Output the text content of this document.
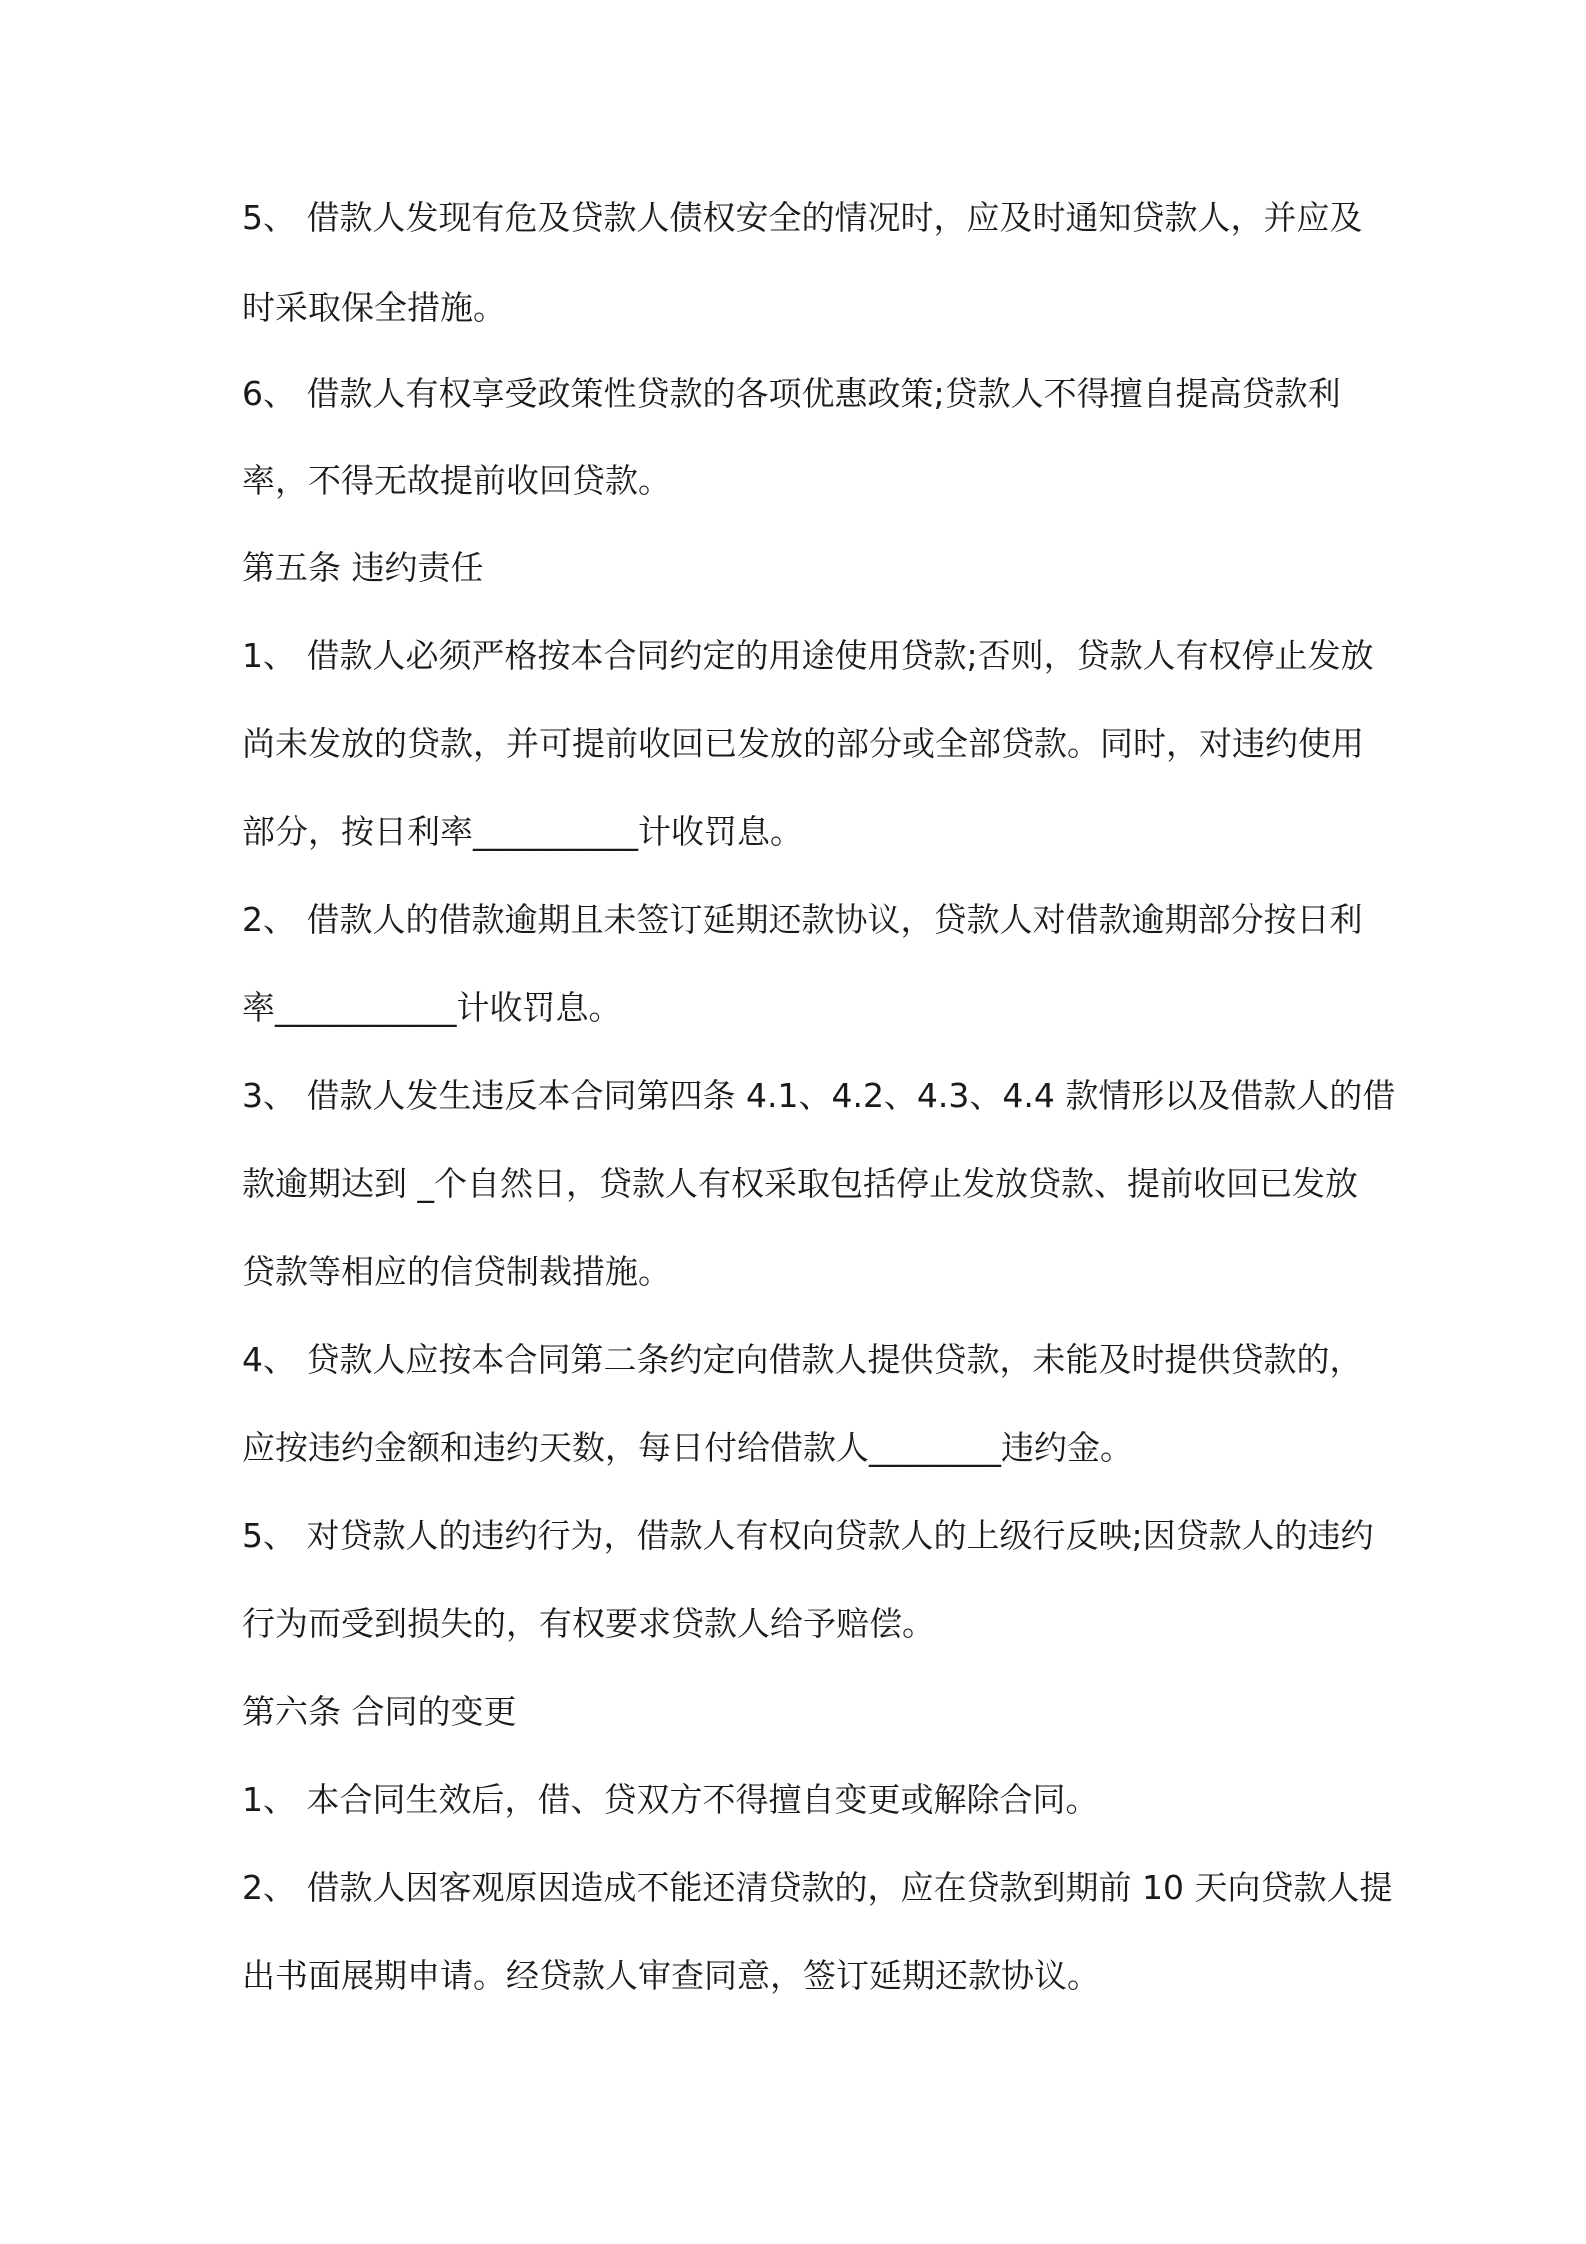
5、 借款人发现有危及贷款人债权安全的情况时，应及时通知贷款人，并应及

时采取保全措施。

6、 借款人有权享受政策性贷款的各项优惠政策;贷款人不得擅自提高贷款利

率，不得无故提前收回贷款。

第五条 违约责任

1、 借款人必须严格按本合同约定的用途使用贷款;否则，贷款人有权停止发放

尚未发放的贷款，并可提前收回已发放的部分或全部贷款。同时，对违约使用

部分，按日利率__________计收罚息。

2、 借款人的借款逾期且未签订延期还款协议，贷款人对借款逾期部分按日利

率___________计收罚息。

3、 借款人发生违反本合同第四条 4.1、4.2、4.3、4.4 款情形以及借款人的借

款逾期达到 _个自然日，贷款人有权采取包括停止发放贷款、提前收回已发放

贷款等相应的信贷制裁措施。

4、 贷款人应按本合同第二条约定向借款人提供贷款，未能及时提供贷款的，

应按违约金额和违约天数，每日付给借款人________违约金。

5、 对贷款人的违约行为，借款人有权向贷款人的上级行反映;因贷款人的违约

行为而受到损失的，有权要求贷款人给予赔偿。

第六条 合同的变更

1、 本合同生效后，借、贷双方不得擅自变更或解除合同。

2、 借款人因客观原因造成不能还清贷款的，应在贷款到期前 10 天向贷款人提

出书面展期申请。经贷款人审查同意，签订延期还款协议。
